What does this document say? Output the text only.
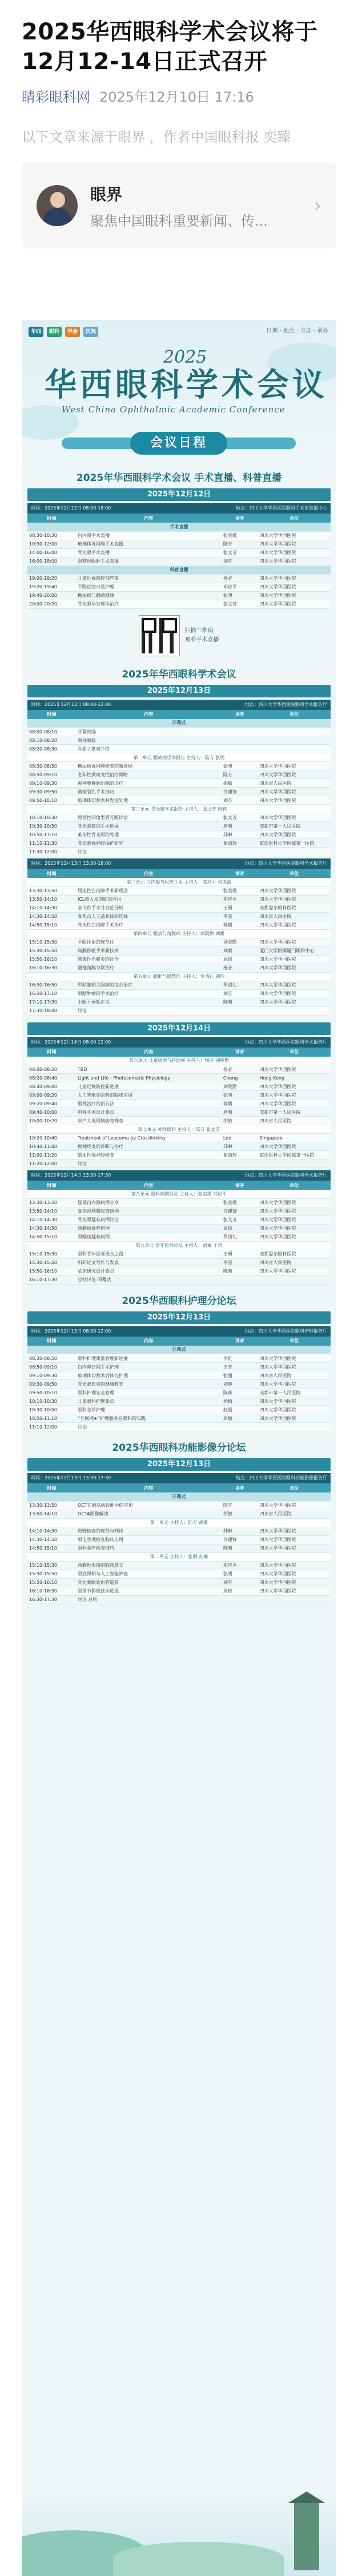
2025华西眼科学术会议将于12月12-14日正式召开
睛彩眼科网 2025年12月10日 17:16
以下文章来源于眼界 ，作者中国眼科报 奕臻
眼界
聚焦中国眼科重要新闻、传...
›
华西	眼科	学会	医院	日期 · 地点 · 主办 · 承办
2025
华西眼科学术会议
West China Ophthalmic Academic Conference
会议日程
2025年华西眼科学术会议 手术直播、科普直播
2025年12月12日
时间：2025年12月12日 08:00-18:00	地点：四川大学华西医院眼科手术室直播中心
时间	内容	讲者	单位
手术直播			
08:30-10:30	白内障手术直播	张美霞	四川大学华西医院
10:30-12:00	玻璃体视网膜手术直播	陆方	四川大学华西医院
14:00-16:00	青光眼手术直播	张文芳	四川大学华西医院
16:00-18:00	眼整形眼眶手术直播	刘苏	四川大学华西医院
科普直播			
19:00-19:20	儿童近视防控那些事	杨必	四川大学华西医院
19:20-19:40	干眼症的日常护理	邓应平	四川大学华西医院
19:40-20:00	糖尿病与眼睛健康	张明	四川大学华西医院
20:00-20:20	青光眼早发现早治疗	张文芳	四川大学华西医院
扫描二维码
观看手术直播
2025年华西眼科学术会议
2025年12月13日
时间：2025年12月13日 08:00-12:00	地点：四川大学华西医院眼科学术报告厅
时间	内容	讲者	单位
开幕式			
08:00-08:10	开幕致辞		
08:10-08:20	领导致辞		
08:20-08:30	合影 / 嘉宾介绍		
第一单元 眼底病学术报告 主持人：陆方 张明			
08:30-08:50	糖尿病视网膜病变的新进展	张明	四川大学华西医院
08:50-09:10	老年性黄斑变性治疗策略	陆方	四川大学华西医院
09:10-09:30	视网膜静脉阻塞的诊疗	胡敏	四川省人民医院
09:30-09:50	黄斑裂孔手术技巧	许建锋	四川大学华西医院
09:50-10:10	玻璃体切割术并发症处理	刘苏	四川大学华西医院
第二单元 青光眼学术报告 主持人：张文芳 唐莉			
10:10-10:30	原发性闭角型青光眼诊治	张文芳	四川大学华西医院
10:30-10:50	青光眼微创手术进展	唐莉	成都市第一人民医院
10:50-11:10	难治性青光眼的处理	苏琳	四川大学华西医院
11:10-11:30	青光眼视神经保护研究	谢淑珍	重庆医科大学附属第一医院
11:30-12:00	讨论		
时间：2025年12月13日 13:30-18:00	地点：四川大学华西医院眼科学术报告厅
时间	内容	讲者	单位
第三单元 白内障与屈光手术 主持人：邓应平 张美霞			
13:30-13:50	屈光性白内障手术新理念	张美霞	四川大学华西医院
13:50-14:10	ICL植入术的临床应用	邓应平	四川大学华西医院
14:10-14:30	全飞秒手术并发症分析	王勇	成都爱尔眼科医院
14:30-14:50	多焦点人工晶状体的选择	李星	四川省人民医院
14:50-15:10	先天性白内障手术治疗	蒋璐	四川大学华西医院
第四单元 眼表与角膜病 主持人：刘陇黔 刘素			
15:10-15:30	干眼诊治的规范化	刘陇黔	四川大学华西医院
15:30-15:50	角膜移植手术新技术	刘素	厦门大学附属厦门眼科中心
15:50-16:10	感染性角膜炎的诊治	周琼	四川大学华西医院
16:10-16:30	圆锥角膜交联治疗	杨必	四川大学华西医院
第五单元 眼眶与眼整形 主持人：罗清礼 刘苏			
16:30-16:50	甲状腺相关眼病的综合治疗	罗清礼	四川大学华西医院
16:50-17:10	眼眶肿瘤的手术治疗	刘苏	四川大学华西医院
17:10-17:30	上睑下垂矫正术	陈莉	四川大学华西医院
17:30-18:00	讨论		
2025年12月14日
时间：2025年12月14日 08:00-12:00	地点：四川大学华西医院眼科学术报告厅
时间	内容	讲者	单位
第六单元 儿童眼病与斜弱视 主持人：杨必 刘陇黔			
08:00-08:20	TBD	杨必	四川大学华西医院
08:20-08:40	Light and Life - Photosomatic Physiology	Cheng	Hong Kong
08:40-09:00	儿童近视防控新进展	刘陇黔	四川大学华西医院
09:00-09:20	人工智能在眼科的临床应用	张明	四川大学华西医院
09:20-09:40	弱视治疗的新方法	蒋璐	四川大学华西医院
09:40-10:00	斜视手术设计要点	唐莉	成都市第一人民医院
10:00-10:20	早产儿视网膜病变筛查	胡敏	四川省人民医院
第七单元 神经眼科 主持人：陆方 张文芳			
10:20-10:40	Treatment of Leucoma by Crosslinking	Lee	Singapore
10:40-11:00	视神经炎的诊断与治疗	苏琳	四川大学华西医院
11:00-11:20	缺血性视神经病变	谢淑珍	重庆医科大学附属第一医院
11:20-12:00	讨论		
时间：2025年12月14日 13:30-17:30	地点：四川大学华西医院眼科学术报告厅
时间	内容	讲者	单位
第八单元 眼科病例讨论 主持人：张美霞 邓应平			
13:30-13:50	疑难白内障病例分享	张美霞	四川大学华西医院
13:50-14:10	复杂视网膜脱离病例	许建锋	四川大学华西医院
14:10-14:30	青光眼疑难病例讨论	张文芳	四川大学华西医院
14:30-14:50	角膜病疑难病例	周琼	四川大学华西医院
14:50-15:10	眼眶病疑难病例	罗清礼	四川大学华西医院
第九单元 青年医师论坛 主持人：刘素 王勇			
15:10-15:30	眼科青年医师成长之路	王勇	成都爱尔眼科医院
15:30-15:50	科研论文写作与发表	李星	四川省人民医院
15:50-16:10	临床研究设计要点	陈莉	四川大学华西医院
16:10-17:30	总结讨论 闭幕式		
2025华西眼科护理分论坛
2025年12月13日
时间：2025年12月13日 08:30-12:00	地点：四川大学华西医院眼科护理报告厅
时间	内容	讲者	单位
开幕式			
08:30-08:50	眼科护理质量管理新进展	李红	四川大学华西医院
08:50-09:10	白内障日间手术护理	王芳	四川大学华西医院
09:10-09:30	玻璃体切割术后体位护理	张丽	四川省人民医院
09:30-09:50	青光眼患者的健康教育	刘静	四川大学华西医院
09:50-10:10	眼科护理安全管理	陈燕	成都市第一人民医院
10:10-10:30	儿童眼科护理要点	杨梅	四川大学华西医院
10:30-10:50	眼科急诊护理	赵霞	四川大学华西医院
10:50-11:10	“互联网+”护理服务在眼科的实践	周敏	四川大学华西医院
11:10-12:00	讨论		
2025华西眼科功能影像分论坛
2025年12月13日
时间：2025年12月13日 13:30-17:30	地点：四川大学华西医院眼科功能影像报告厅
时间	内容	讲者	单位
开幕式			
13:30-13:50	OCT在眼底病诊断中的应用	陆方	四川大学华西医院
13:50-14:10	OCTA图像解读	胡敏	四川省人民医院
第一单元 主持人：陆方 胡敏			
14:10-14:30	视野检查的规范与判读	苏琳	四川大学华西医院
14:30-14:50	眼电生理检查临床应用	许建锋	四川大学华西医院
14:50-15:10	眼科超声检查技巧	陈莉	四川大学华西医院
第二单元 主持人：张明 苏琳			
15:10-15:30	角膜地形图的临床意义	邓应平	四川大学华西医院
15:30-15:50	眼底照相与人工智能筛查	张明	四川大学华西医院
15:50-16:10	荧光素眼底血管造影	刘苏	四川大学华西医院
16:10-16:30	眼前节影像技术进展	周琼	四川大学华西医院
16:30-17:30	讨论 总结		
